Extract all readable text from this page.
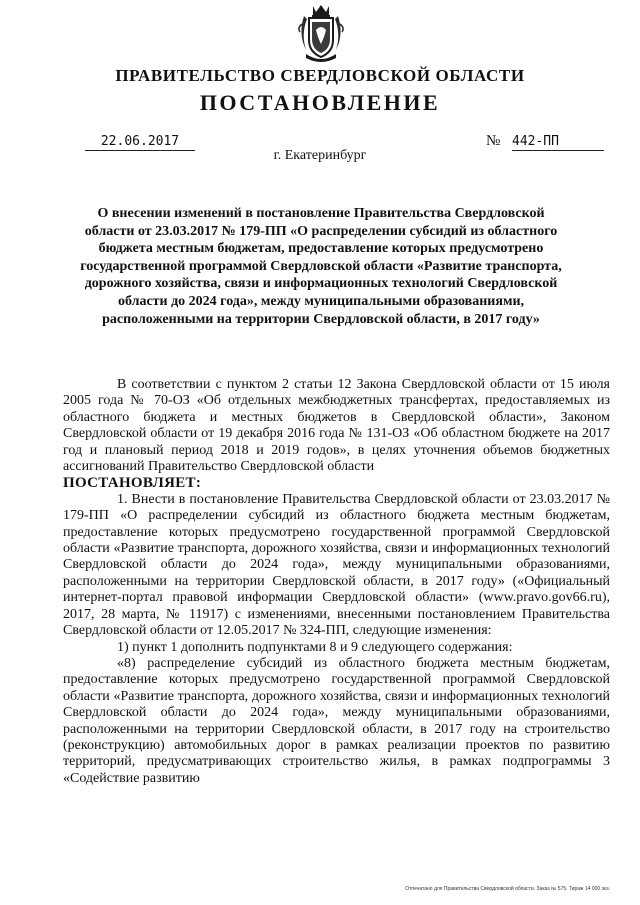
ПРАВИТЕЛЬСТВО СВЕРДЛОВСКОЙ ОБЛАСТИ
ПОСТАНОВЛЕНИЕ
22.06.2017	№ 442-ПП
г. Екатеринбург
О внесении изменений в постановление Правительства Свердловской области от 23.03.2017 № 179-ПП «О распределении субсидий из областного бюджета местным бюджетам, предоставление которых предусмотрено государственной программой Свердловской области «Развитие транспорта, дорожного хозяйства, связи и информационных технологий Свердловской области до 2024 года», между муниципальными образованиями, расположенными на территории Свердловской области, в 2017 году»

В соответствии с пунктом 2 статьи 12 Закона Свердловской области от 15 июля 2005 года № 70-ОЗ «Об отдельных межбюджетных трансфертах, предоставляемых из областного бюджета и местных бюджетов в Свердловской области», Законом Свердловской области от 19 декабря 2016 года № 131-ОЗ «Об областном бюджете на 2017 год и плановый период 2018 и 2019 годов», в целях уточнения объемов бюджетных ассигнований Правительство Свердловской области

ПОСТАНОВЛЯЕТ:

1. Внести в постановление Правительства Свердловской области от 23.03.2017 № 179-ПП «О распределении субсидий из областного бюджета местным бюджетам, предоставление которых предусмотрено государственной программой Свердловской области «Развитие транспорта, дорожного хозяйства, связи и информационных технологий Свердловской области до 2024 года», между муниципальными образованиями, расположенными на территории Свердловской области, в 2017 году» («Официальный интернет-портал правовой информации Свердловской области» (www.pravo.gov66.ru), 2017, 28 марта, № 11917) с изменениями, внесенными постановлением Правительства Свердловской области от 12.05.2017 № 324-ПП, следующие изменения:

1) пункт 1 дополнить подпунктами 8 и 9 следующего содержания:

«8) распределение субсидий из областного бюджета местным бюджетам, предоставление которых предусмотрено государственной программой Свердловской области «Развитие транспорта, дорожного хозяйства, связи и информационных технологий Свердловской области до 2024 года», между муниципальными образованиями, расположенными на территории Свердловской области, в 2017 году на строительство (реконструкцию) автомобильных дорог в рамках реализации проектов по развитию территорий, предусматривающих строительство жилья, в рамках подпрограммы 3 «Содействие развитию

Отпечатано для Правительства Свердловской области. Заказ № 575. Тираж 14 000 экз.
